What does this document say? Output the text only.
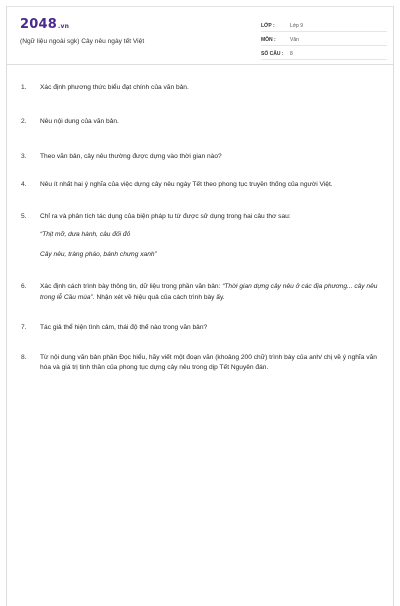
2048.vn
(Ngữ liệu ngoài sgk) Cây nêu ngày tết Việt
LỚP :	Lớp 9
MÔN :	Văn
SỐ CÂU :	8
1.	Xác định phương thức biểu đạt chính của văn bản.
2.	Nêu nội dung của văn bản.
3.	Theo văn bản, cây nêu thường được dựng vào thời gian nào?
4.	Nêu ít nhất hai ý nghĩa của việc dựng cây nêu ngày Tết theo phong tục truyền thống của người Việt.
5.	Chỉ ra và phân tích tác dụng của biện pháp tu từ được sử dụng trong hai câu thơ sau:
“Thịt mỡ, dưa hành, câu đối đỏ
Cây nêu, tràng pháo, bánh chưng xanh”
6.	Xác định cách trình bày thông tin, dữ liệu trong phần văn bản: “Thời gian dựng cây nêu ở các địa phương... cây nêu trong lễ Cầu mùa”. Nhận xét về hiệu quả của cách trình bày ấy.
7.	Tác giả thể hiện tình cảm, thái độ thế nào trong văn bản?
8.	Từ nội dung văn bản phần Đọc hiểu, hãy viết một đoạn văn (khoảng 200 chữ) trình bày của anh/ chị về ý nghĩa văn hóa và giá trị tinh thần của phong tục dựng cây nêu trong dịp Tết Nguyên đán.
